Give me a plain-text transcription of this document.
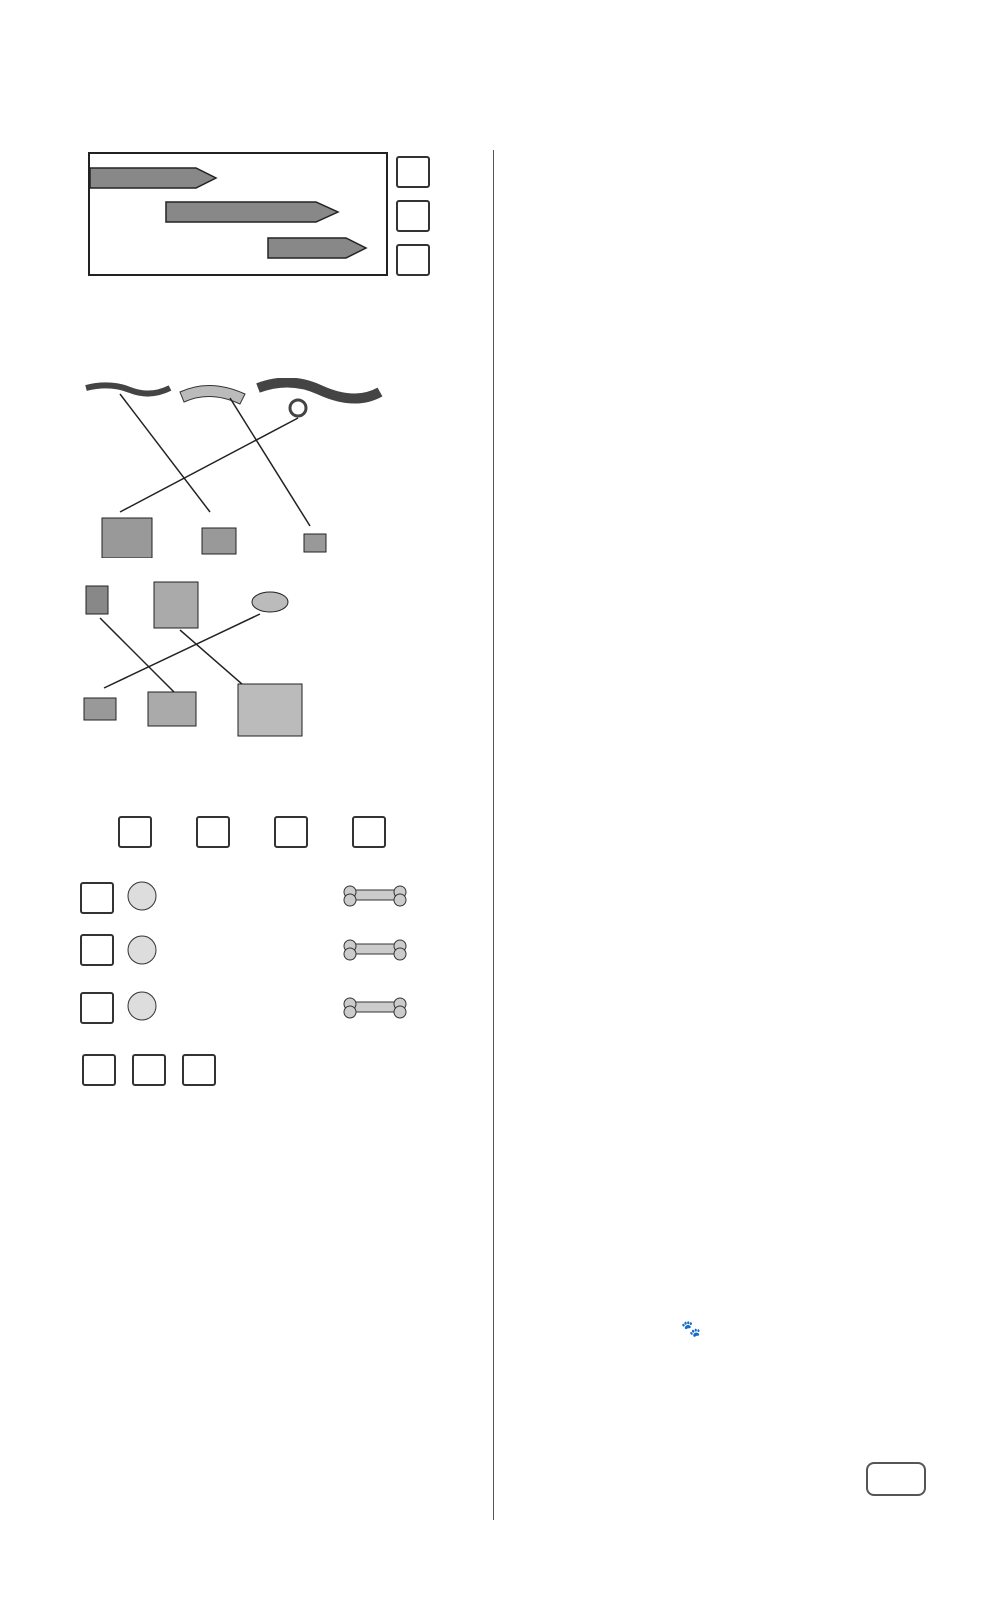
🐾
